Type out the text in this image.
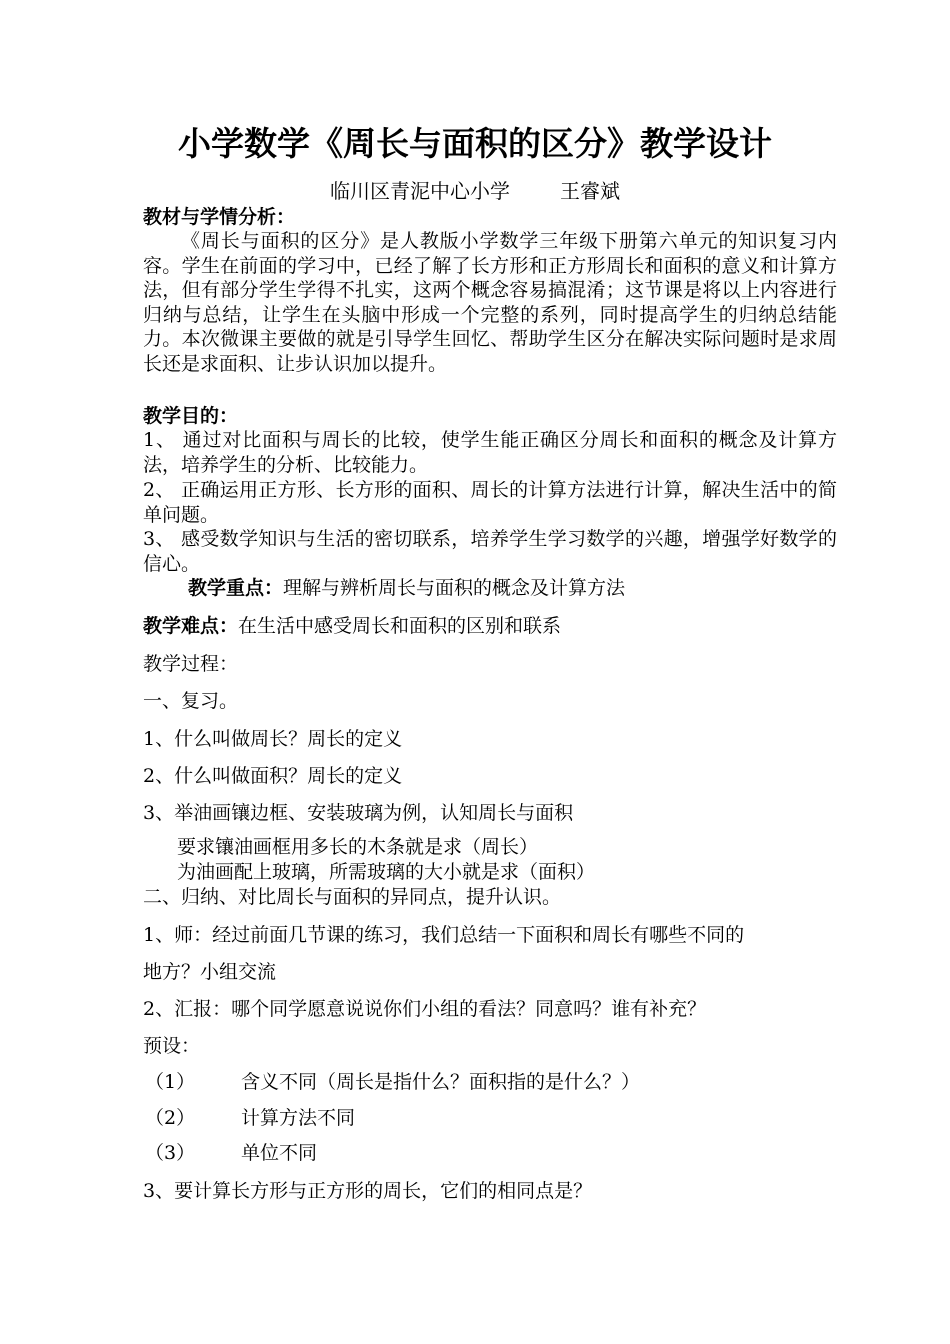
小学数学《周长与面积的区分》教学设计
临川区青泥中心小学	王睿斌
教材与学情分析：
《周长与面积的区分》是人教版小学数学三年级下册第六单元的知识复习内容。学生在前面的学习中，已经了解了长方形和正方形周长和面积的意义和计算方法，但有部分学生学得不扎实，这两个概念容易搞混淆；这节课是将以上内容进行归纳与总结，让学生在头脑中形成一个完整的系列，同时提高学生的归纳总结能力。本次微课主要做的就是引导学生回忆、帮助学生区分在解决实际问题时是求周长还是求面积、让步认识加以提升。
教学目的：
1、 通过对比面积与周长的比较，使学生能正确区分周长和面积的概念及计算方法，培养学生的分析、比较能力。
2、 正确运用正方形、长方形的面积、周长的计算方法进行计算，解决生活中的简单问题。
3、 感受数学知识与生活的密切联系，培养学生学习数学的兴趣，增强学好数学的信心。
教学重点：理解与辨析周长与面积的概念及计算方法
教学难点：在生活中感受周长和面积的区别和联系
教学过程：
一、复习。
1、什么叫做周长？周长的定义
2、什么叫做面积？周长的定义
3、举油画镶边框、安装玻璃为例，认知周长与面积
要求镶油画框用多长的木条就是求（周长）
为油画配上玻璃，所需玻璃的大小就是求（面积）
二、归纳、对比周长与面积的异同点，提升认识。
1、师：经过前面几节课的练习，我们总结一下面积和周长有哪些不同的
地方？小组交流
2、汇报：哪个同学愿意说说你们小组的看法？同意吗？谁有补充？
预设：
（1） 含义不同（周长是指什么？面积指的是什么？）
（2） 计算方法不同
（3） 单位不同
3、要计算长方形与正方形的周长，它们的相同点是？
